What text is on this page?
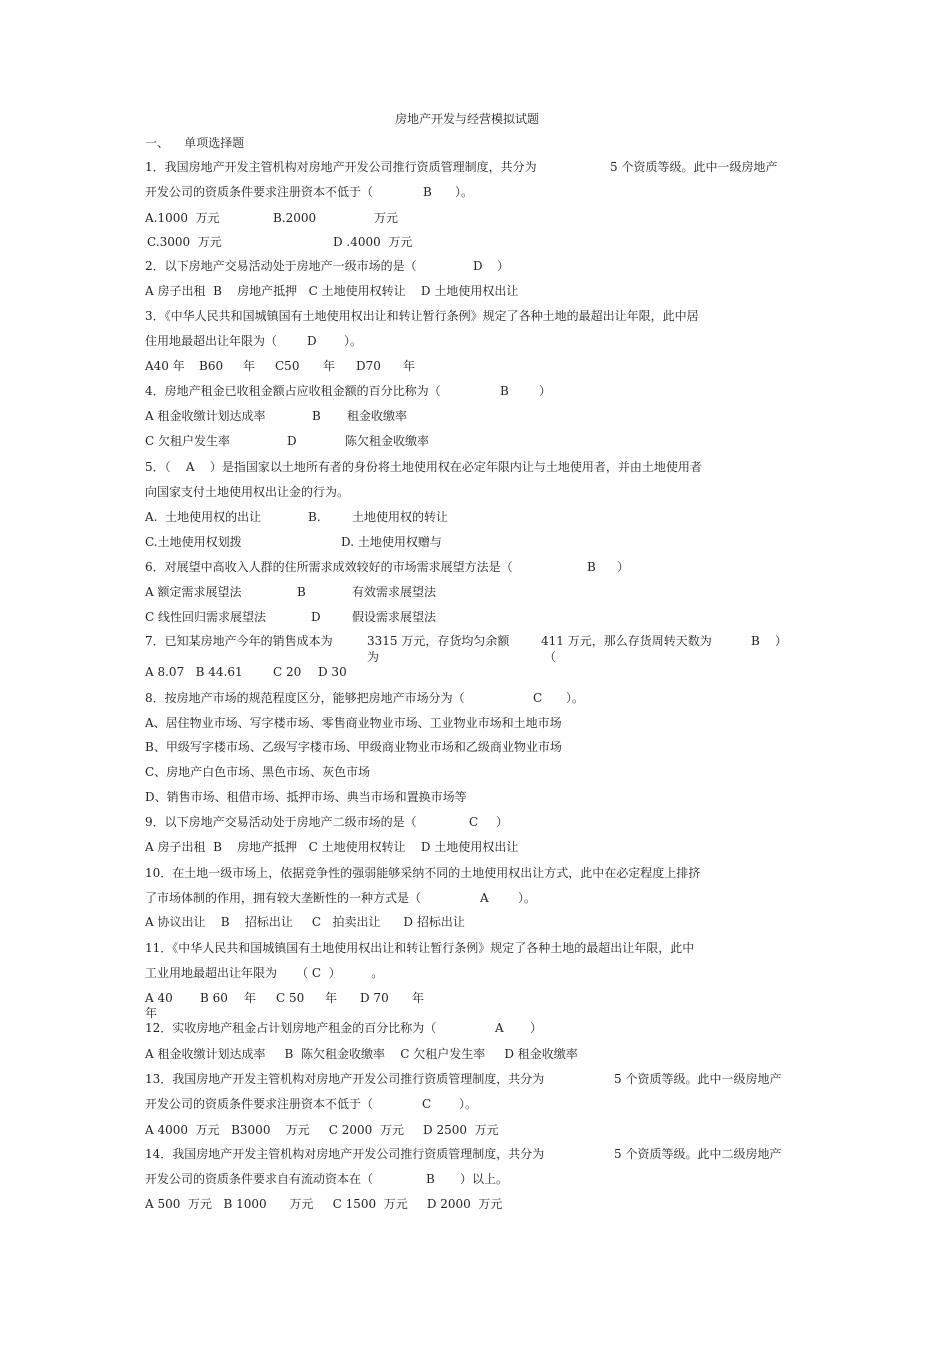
房地产开发与经营模拟试题
一、    单项选择题
1．我国房地产开发主管机构对房地产开发公司推行资质管理制度，共分为	5 个资质等级。此中一级房地产
开发公司的资质条件要求注册资本不低于（	B ）。
A.1000  万元	B.2000	万元
C.3000  万元	D .4000  万元
2．以下房地产交易活动处于房地产一级市场的是（	D ）
A 房子出租  B    房地产抵押   C 土地使用权转让    D 土地使用权出让
3．《中华人民共和国城镇国有土地使用权出让和转让暂行条例》规定了各种土地的最超出让年限，此中居
住用地最超出让年限为（ D ）。
A40 年 B60 年 C50 年 D70 年
4．房地产租金已收租金额占应收租金额的百分比称为（	B	）
A 租金收缴计划达成率	B 租金收缴率
C 欠租户发生率	D	陈欠租金收缴率
5．（    A    ）是指国家以土地所有者的身份将土地使用权在必定年限内让与土地使用者，并由土地使用者
向国家支付土地使用权出让金的行为。
A.  土地使用权的出让	B.	土地使用权的转让
C.土地使用权划拨	D. 土地使用权赠与
6．对展望中高收入人群的住所需求成效较好的市场需求展望方法是（	B ）
A 额定需求展望法	B	有效需求展望法
C 线性回归需求展望法	D	假设需求展望法
7．已知某房地产今年的销售成本为	3315 万元，存货均匀余额	411 万元，那么存货周转天数为	B ）
为	（
A 8.07   B 44.61	C 20 D 30
8．按房地产市场的规范程度区分，能够把房地产市场分为（	C ）。
A、居住物业市场、写字楼市场、零售商业物业市场、工业物业市场和土地市场
B、甲级写字楼市场、乙级写字楼市场、甲级商业物业市场和乙级商业物业市场
C、房地产白色市场、黑色市场、灰色市场
D、销售市场、租借市场、抵押市场、典当市场和置换市场等
9．以下房地产交易活动处于房地产二级市场的是（	C ）
A 房子出租  B    房地产抵押   C 土地使用权转让    D 土地使用权出让
10．在土地一级市场上，依据竞争性的强弱能够采纳不同的土地使用权出让方式，此中在必定程度上排挤
了市场体制的作用，拥有较大垄断性的一种方式是（	A ）。
A 协议出让    B    招标出让     C   拍卖出让      D 招标出让
11．《中华人民共和国城镇国有土地使用权出让和转让暂行条例》规定了各种土地的最超出让年限，此中
工业用地最超出让年限为     （ C  ）        。
A 40 B 60 年 C 50 年 D 70 年
年
12．实收房地产租金占计划房地产租金的百分比称为（	A ）
A 租金收缴计划达成率     B  陈欠租金收缴率    C 欠租户发生率     D 租金收缴率
13．我国房地产开发主管机构对房地产开发公司推行资质管理制度，共分为	5 个资质等级。此中一级房地产
开发公司的资质条件要求注册资本不低于（	C ）。
A 4000  万元   B3000    万元     C 2000  万元     D 2500  万元
14．我国房地产开发主管机构对房地产开发公司推行资质管理制度，共分为	5 个资质等级。此中二级房地产
开发公司的资质条件要求自有流动资本在（	B ）以上。
A 500  万元   B 1000      万元     C 1500  万元     D 2000  万元
